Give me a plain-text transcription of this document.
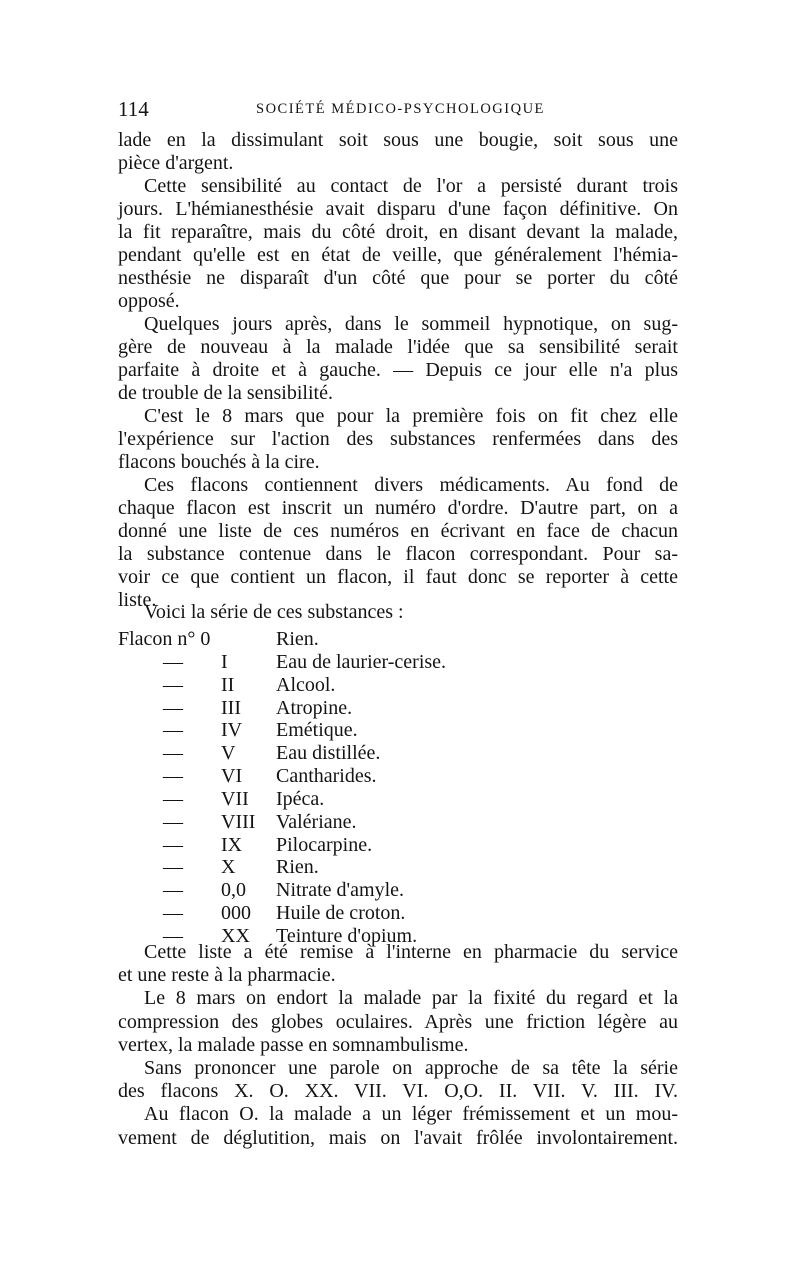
114	SOCIÉTÉ MÉDICO-PSYCHOLOGIQUE
lade en la dissimulant soit sous une bougie, soit sous une
pièce d'argent.
Cette sensibilité au contact de l'or a persisté durant trois
jours. L'hémianesthésie avait disparu d'une façon définitive. On
la fit reparaître, mais du côté droit, en disant devant la malade,
pendant qu'elle est en état de veille, que généralement l'hémia-
nesthésie ne disparaît d'un côté que pour se porter du côté
opposé.
Quelques jours après, dans le sommeil hypnotique, on sug-
gère de nouveau à la malade l'idée que sa sensibilité serait
parfaite à droite et à gauche. — Depuis ce jour elle n'a plus
de trouble de la sensibilité.
C'est le 8 mars que pour la première fois on fit chez elle
l'expérience sur l'action des substances renfermées dans des
flacons bouchés à la cire.
Ces flacons contiennent divers médicaments. Au fond de
chaque flacon est inscrit un numéro d'ordre. D'autre part, on a
donné une liste de ces numéros en écrivant en face de chacun
la substance contenue dans le flacon correspondant. Pour sa-
voir ce que contient un flacon, il faut donc se reporter à cette
liste.
Voici la série de ces substances :
Flacon n° 0	Rien.
— I Eau de laurier-cerise.
— II Alcool.
— III Atropine.
— IV Emétique.
— V Eau distillée.
— VI Cantharides.
— VII Ipéca.
— VIII Valériane.
— IX Pilocarpine.
— X Rien.
— 0,0 Nitrate d'amyle.
— 000 Huile de croton.
— XX Teinture d'opium.
Cette liste a été remise à l'interne en pharmacie du service
et une reste à la pharmacie.
Le 8 mars on endort la malade par la fixité du regard et la
compression des globes oculaires. Après une friction légère au
vertex, la malade passe en somnambulisme.
Sans prononcer une parole on approche de sa tête la série
des flacons X. O. XX. VII. VI. O,O. II. VII. V. III. IV.
Au flacon O. la malade a un léger frémissement et un mou-
vement de déglutition, mais on l'avait frôlée involontairement.
